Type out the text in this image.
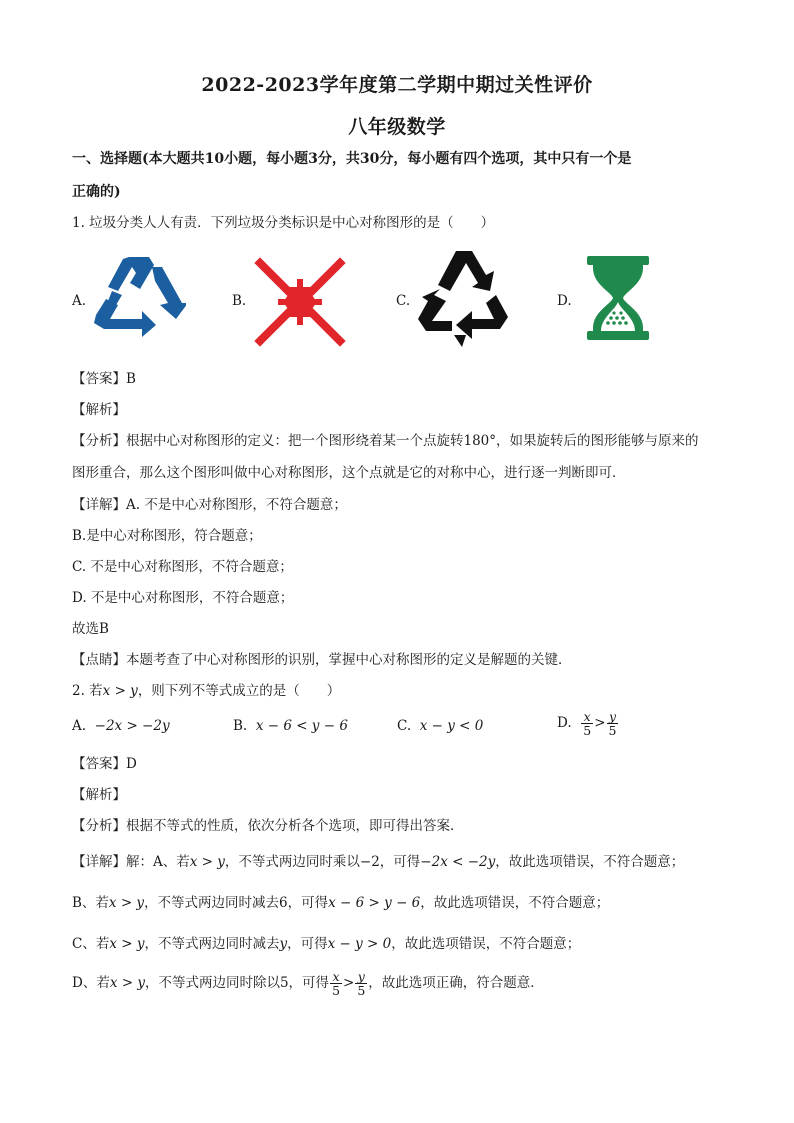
2022-2023学年度第二学期中期过关性评价
八年级数学
一、选择题(本大题共10小题，每小题3分，共30分，每小题有四个选项，其中只有一个是
正确的)
1. 垃圾分类人人有责．下列垃圾分类标识是中心对称图形的是（　　）
A.	B.	C.	D.
【答案】B
【解析】
【分析】根据中心对称图形的定义：把一个图形绕着某一个点旋转180°，如果旋转后的图形能够与原来的
图形重合，那么这个图形叫做中心对称图形，这个点就是它的对称中心，进行逐一判断即可．
【详解】A. 不是中心对称图形，不符合题意；
B.是中心对称图形，符合题意；
C. 不是中心对称图形，不符合题意；
D. 不是中心对称图形，不符合题意；
故选B
【点睛】本题考查了中心对称图形的识别，掌握中心对称图形的定义是解题的关键．
2. 若x > y，则下列不等式成立的是（　　）
A. −2x > −2y	B. x − 6 < y − 6	C. x − y < 0	D. $\frac{x}{5} > \frac{y}{5}$
【答案】D
【解析】
【分析】根据不等式的性质，依次分析各个选项，即可得出答案．
【详解】解：A、若x > y，不等式两边同时乘以−2，可得−2x < −2y，故此选项错误，不符合题意；
B、若x > y，不等式两边同时减去6，可得x − 6 > y − 6，故此选项错误，不符合题意；
C、若x > y，不等式两边同时减去y，可得x − y > 0，故此选项错误，不符合题意；
D、若x > y，不等式两边同时除以5，可得 $\frac{x}{5} > \frac{y}{5}$ ，故此选项正确，符合题意．
